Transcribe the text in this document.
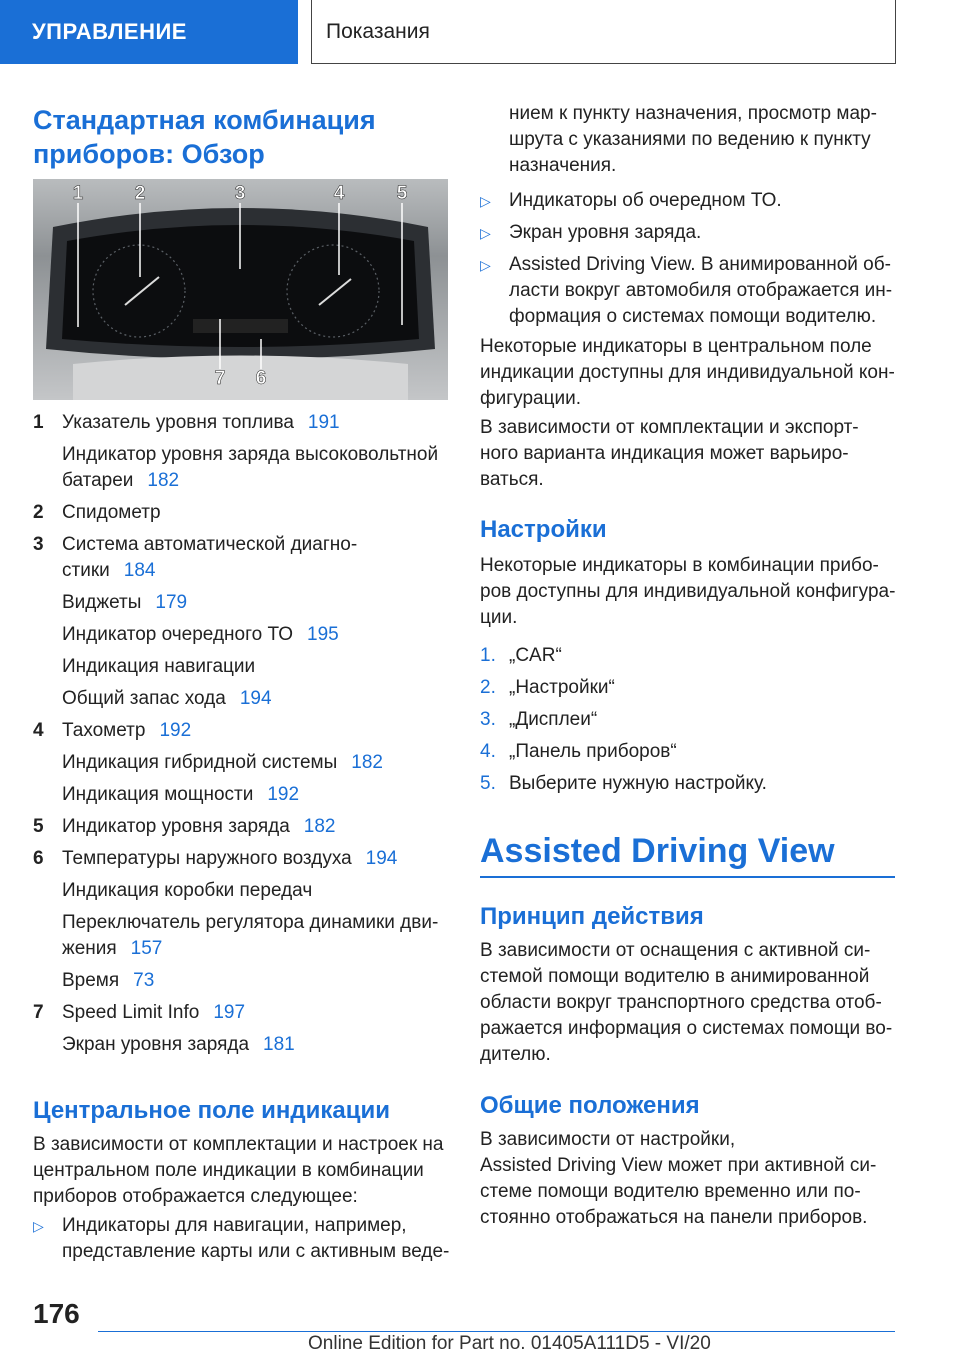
УПРАВЛЕНИЕ	Показания
Стандартная комбинация
приборов: Обзор
1	2	3	4	5
7 6
1 Указатель уровня топлива 191
Индикатор уровня заряда высоковольтной
батареи 182
2 Спидометр
3 Система автоматической диагно-
стики 184
Виджеты 179
Индикатор очередного ТО 195
Индикация навигации
Общий запас хода 194
4 Тахометр 192
Индикация гибридной системы 182
Индикация мощности 192
5 Индикатор уровня заряда 182
6 Температуры наружного воздуха 194
Индикация коробки передач
Переключатель регулятора динамики дви-
жения 157
Время 73
7 Speed Limit Info 197
Экран уровня заряда 181
Центральное поле индикации
В зависимости от комплектации и настроек на
центральном поле индикации в комбинации
приборов отображается следующее:
▷ Индикаторы для навигации, например,
представление карты или с активным веде-
нием к пункту назначения, просмотр мар-
шрута с указаниями по ведению к пункту
назначения.
▷ Индикаторы об очередном ТО.
▷ Экран уровня заряда.
▷ Assisted Driving View. В анимированной об-
ласти вокруг автомобиля отображается ин-
формация о системах помощи водителю.
Некоторые индикаторы в центральном поле
индикации доступны для индивидуальной кон-
фигурации.
В зависимости от комплектации и экспорт-
ного варианта индикация может варьиро-
ваться.
Настройки
Некоторые индикаторы в комбинации прибо-
ров доступны для индивидуальной конфигура-
ции.
1. „CAR“
2. „Настройки“
3. „Дисплеи“
4. „Панель приборов“
5. Выберите нужную настройку.
Assisted Driving View
Принцип действия
В зависимости от оснащения с активной си-
стемой помощи водителю в анимированной
области вокруг транспортного средства отоб-
ражается информация о системах помощи во-
дителю.
Общие положения
В зависимости от настройки,
Assisted Driving View может при активной си-
стеме помощи водителю временно или по-
стоянно отображаться на панели приборов.
176
Online Edition for Part no. 01405A111D5 - VI/20
